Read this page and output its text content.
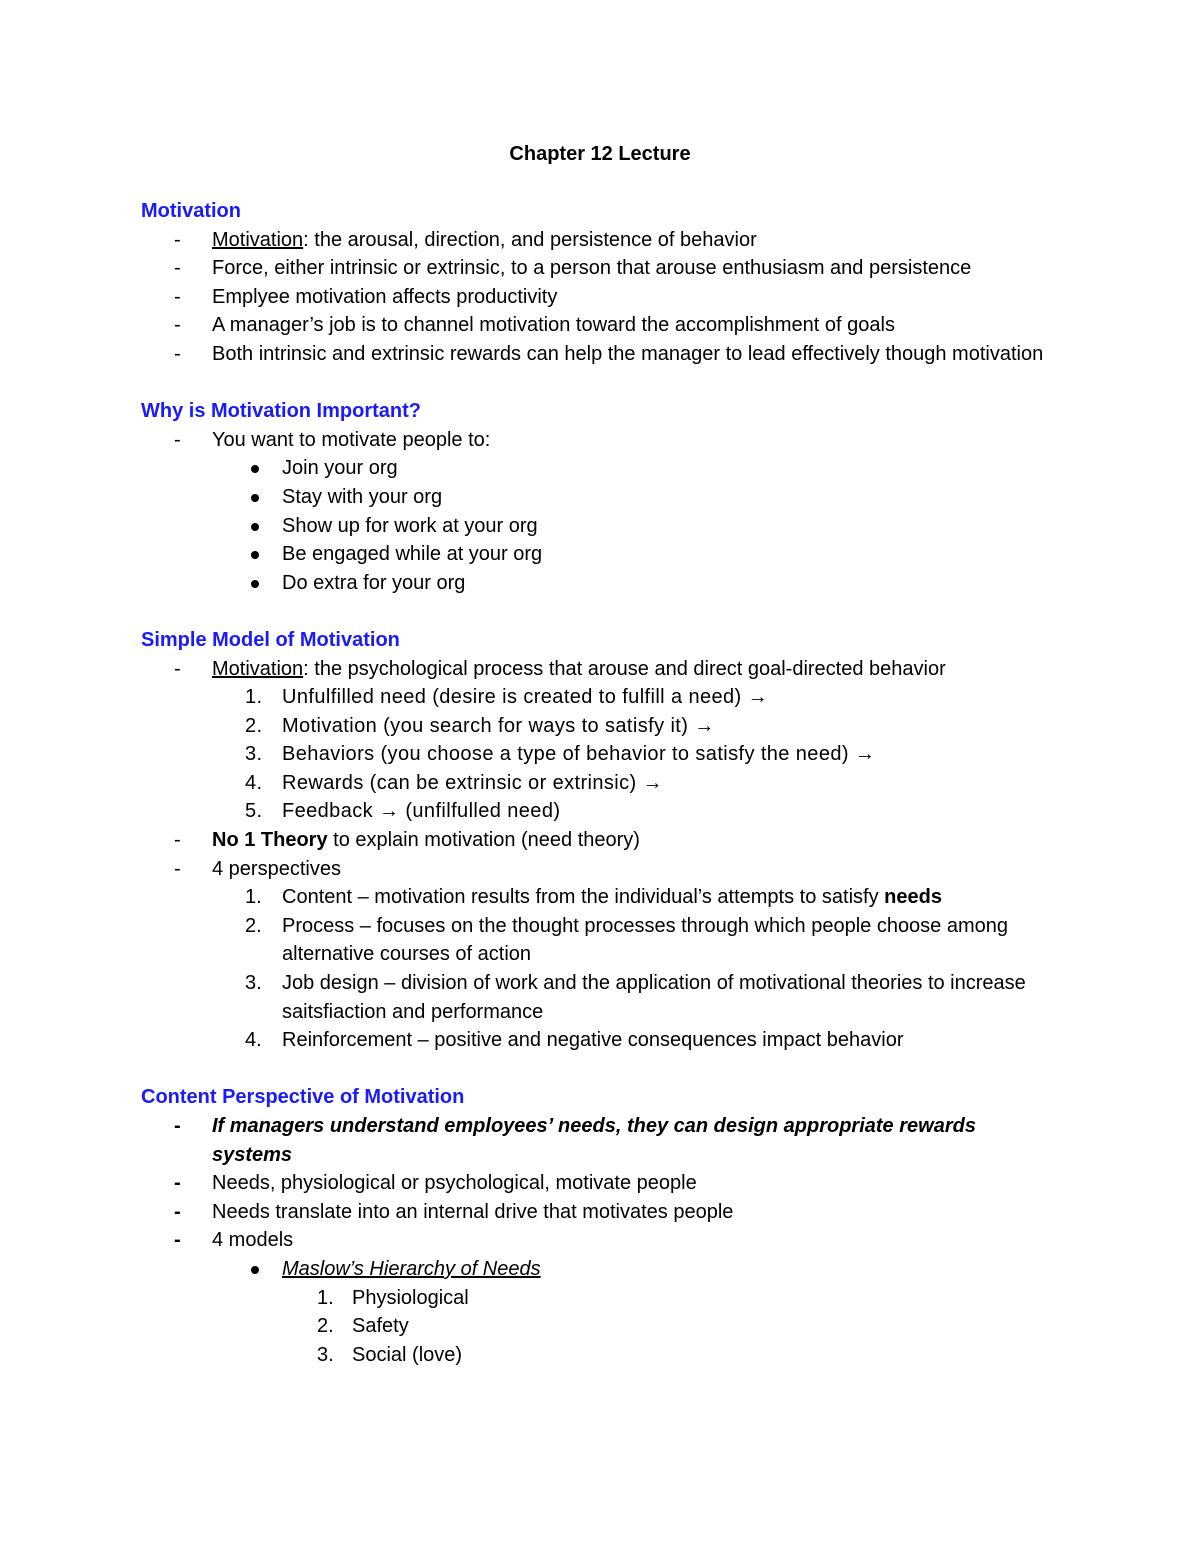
Chapter 12 Lecture
Motivation
- Motivation: the arousal, direction, and persistence of behavior
- Force, either intrinsic or extrinsic, to a person that arouse enthusiasm and persistence
- Emplyee motivation affects productivity
- A manager’s job is to channel motivation toward the accomplishment of goals
- Both intrinsic and extrinsic rewards can help the manager to lead effectively though motivation
Why is Motivation Important?
- You want to motivate people to:
Join your org
Stay with your org
Show up for work at your org
Be engaged while at your org
Do extra for your org
Simple Model of Motivation
- Motivation: the psychological process that arouse and direct goal-directed behavior
1. Unfulfilled need (desire is created to fulfill a need) →
2. Motivation (you search for ways to satisfy it) →
3. Behaviors (you choose a type of behavior to satisfy the need) →
4. Rewards (can be extrinsic or extrinsic) →
5. Feedback → (unfilfulled need)
- No 1 Theory to explain motivation (need theory)
- 4 perspectives
1. Content – motivation results from the individual’s attempts to satisfy needs
2. Process – focuses on the thought processes through which people choose among alternative courses of action
3. Job design – division of work and the application of motivational theories to increase saitsfiaction and performance
4. Reinforcement – positive and negative consequences impact behavior
Content Perspective of Motivation
- If managers understand employees’ needs, they can design appropriate rewards systems
- Needs, physiological or psychological, motivate people
- Needs translate into an internal drive that motivates people
- 4 models
Maslow’s Hierarchy of Needs
1. Physiological
2. Safety
3. Social (love)
